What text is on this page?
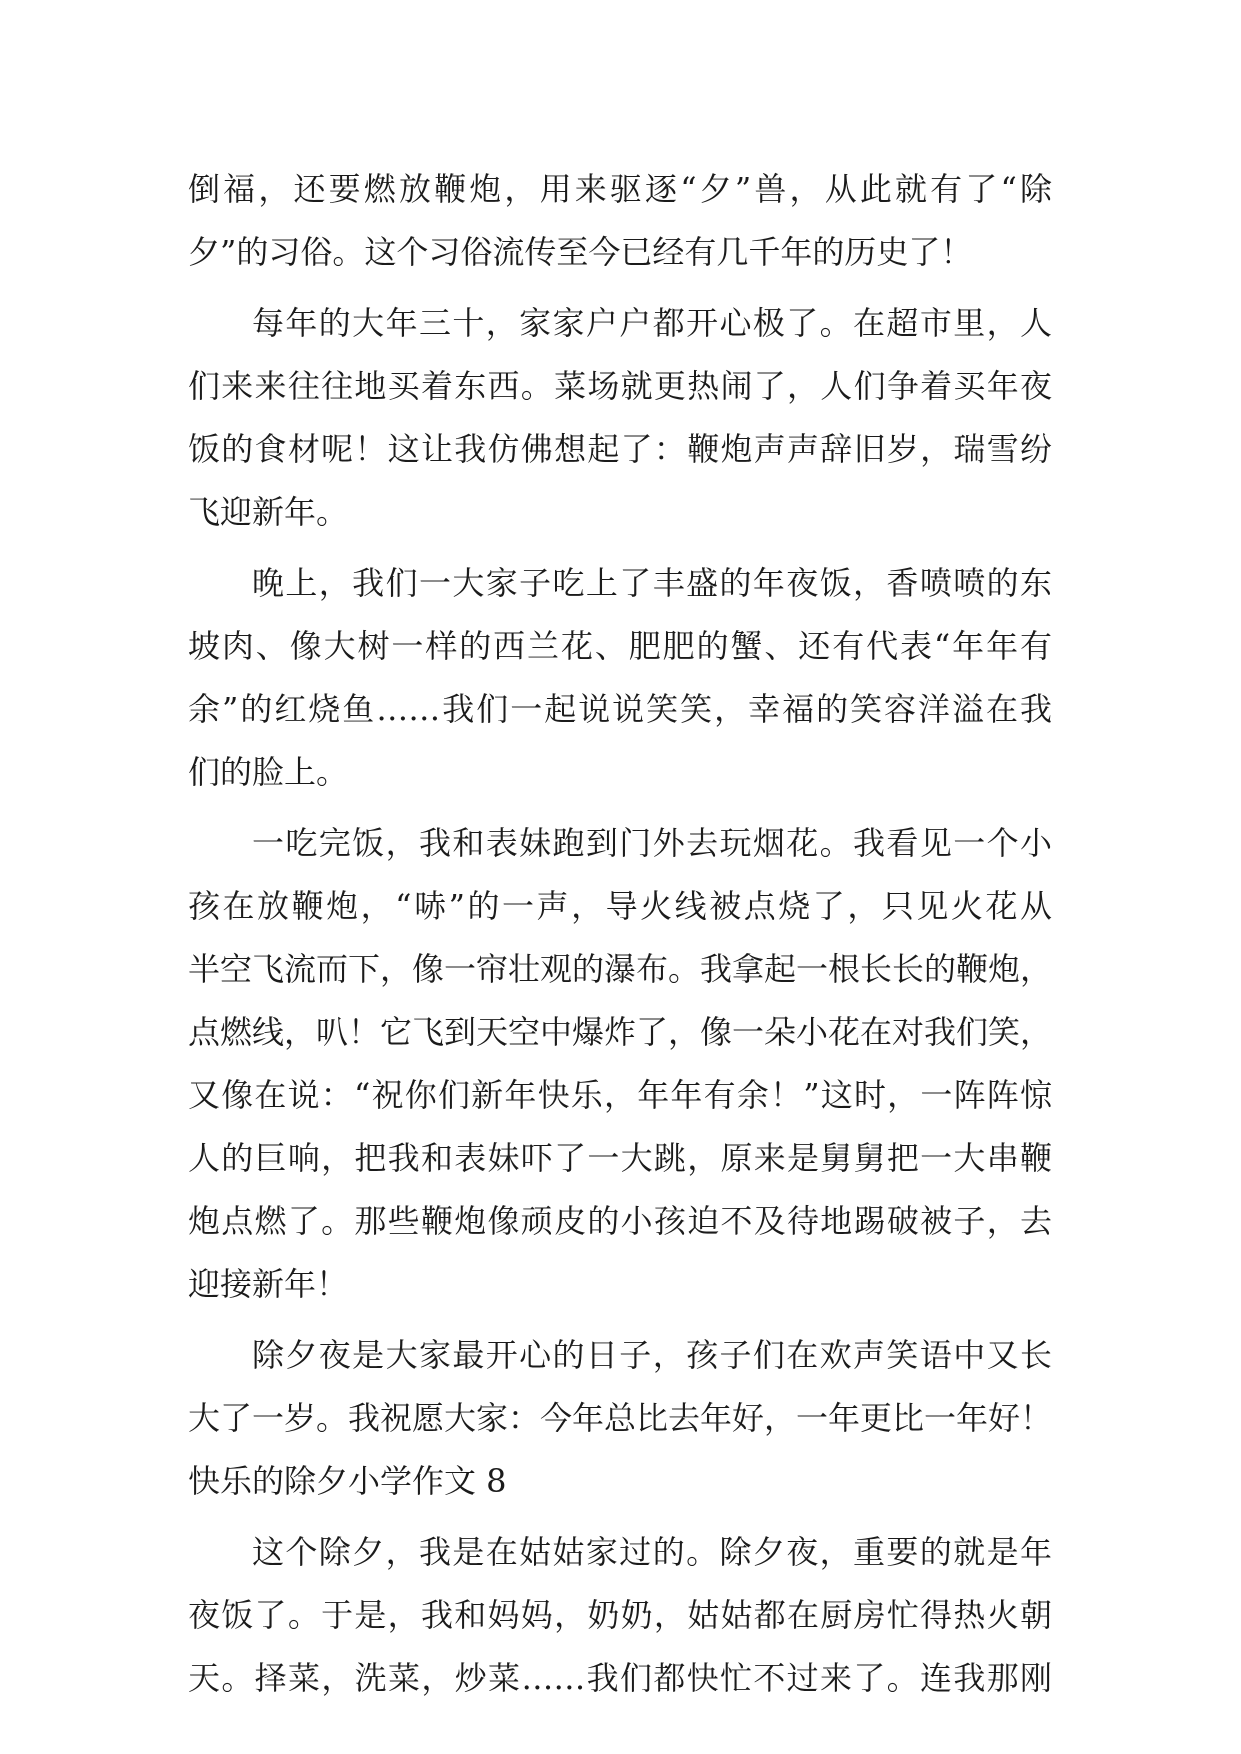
倒福，还要燃放鞭炮，用来驱逐“夕”兽，从此就有了“除
夕”的习俗。这个习俗流传至今已经有几千年的历史了！

每年的大年三十，家家户户都开心极了。在超市里，人
们来来往往地买着东西。菜场就更热闹了，人们争着买年夜
饭的食材呢！这让我仿佛想起了：鞭炮声声辞旧岁，瑞雪纷
飞迎新年。

晚上，我们一大家子吃上了丰盛的年夜饭，香喷喷的东
坡肉、像大树一样的西兰花、肥肥的蟹、还有代表“年年有
余”的红烧鱼……我们一起说说笑笑，幸福的笑容洋溢在我
们的脸上。

一吃完饭，我和表妹跑到门外去玩烟花。我看见一个小
孩在放鞭炮，“哧”的一声，导火线被点烧了，只见火花从
半空飞流而下，像一帘壮观的瀑布。我拿起一根长长的鞭炮，
点燃线，叭！它飞到天空中爆炸了，像一朵小花在对我们笑，
又像在说：“祝你们新年快乐，年年有余！”这时，一阵阵惊
人的巨响，把我和表妹吓了一大跳，原来是舅舅把一大串鞭
炮点燃了。那些鞭炮像顽皮的小孩迫不及待地踢破被子，去
迎接新年！

除夕夜是大家最开心的日子，孩子们在欢声笑语中又长
大了一岁。我祝愿大家：今年总比去年好，一年更比一年好！

快乐的除夕小学作文 8

这个除夕，我是在姑姑家过的。除夕夜，重要的就是年
夜饭了。于是，我和妈妈，奶奶，姑姑都在厨房忙得热火朝
天。择菜，洗菜，炒菜……我们都快忙不过来了。连我那刚
